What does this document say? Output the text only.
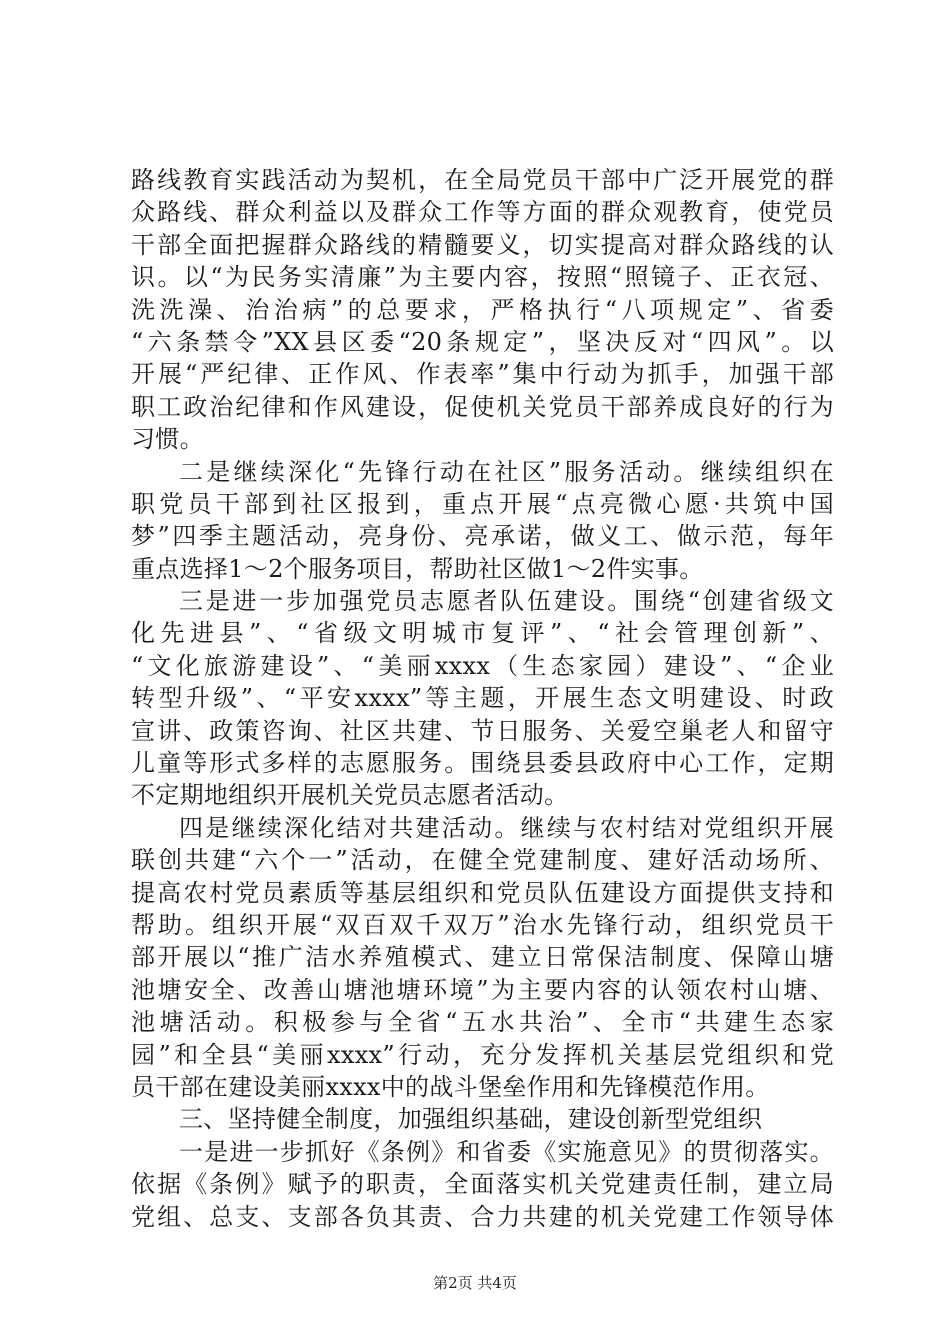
路线教育实践活动为契机，在全局党员干部中广泛开展党的群
众路线、群众利益以及群众工作等方面的群众观教育，使党员
干部全面把握群众路线的精髓要义，切实提高对群众路线的认
识。以“为民务实清廉”为主要内容，按照“照镜子、正衣冠、
洗洗澡、治治病”的总要求，严格执行“八项规定”、省委
“六条禁令”XX县区委“20条规定”，坚决反对“四风”。以
开展“严纪律、正作风、作表率”集中行动为抓手，加强干部
职工政治纪律和作风建设，促使机关党员干部养成良好的行为
习惯。
二是继续深化“先锋行动在社区”服务活动。继续组织在
职党员干部到社区报到，重点开展“点亮微心愿·共筑中国
梦”四季主题活动，亮身份、亮承诺，做义工、做示范，每年
重点选择1～2个服务项目，帮助社区做1～2件实事。
三是进一步加强党员志愿者队伍建设。围绕“创建省级文
化先进县”、“省级文明城市复评”、“社会管理创新”、
“文化旅游建设”、“美丽xxxx（生态家园）建设”、“企业
转型升级”、“平安xxxx”等主题，开展生态文明建设、时政
宣讲、政策咨询、社区共建、节日服务、关爱空巢老人和留守
儿童等形式多样的志愿服务。围绕县委县政府中心工作，定期
不定期地组织开展机关党员志愿者活动。
四是继续深化结对共建活动。继续与农村结对党组织开展
联创共建“六个一”活动，在健全党建制度、建好活动场所、
提高农村党员素质等基层组织和党员队伍建设方面提供支持和
帮助。组织开展“双百双千双万”治水先锋行动，组织党员干
部开展以“推广洁水养殖模式、建立日常保洁制度、保障山塘
池塘安全、改善山塘池塘环境”为主要内容的认领农村山塘、
池塘活动。积极参与全省“五水共治”、全市“共建生态家
园”和全县“美丽xxxx”行动，充分发挥机关基层党组织和党
员干部在建设美丽xxxx中的战斗堡垒作用和先锋模范作用。
三、坚持健全制度，加强组织基础，建设创新型党组织
一是进一步抓好《条例》和省委《实施意见》的贯彻落实。
依据《条例》赋予的职责，全面落实机关党建责任制，建立局
党组、总支、支部各负其责、合力共建的机关党建工作领导体
第2页 共4页
